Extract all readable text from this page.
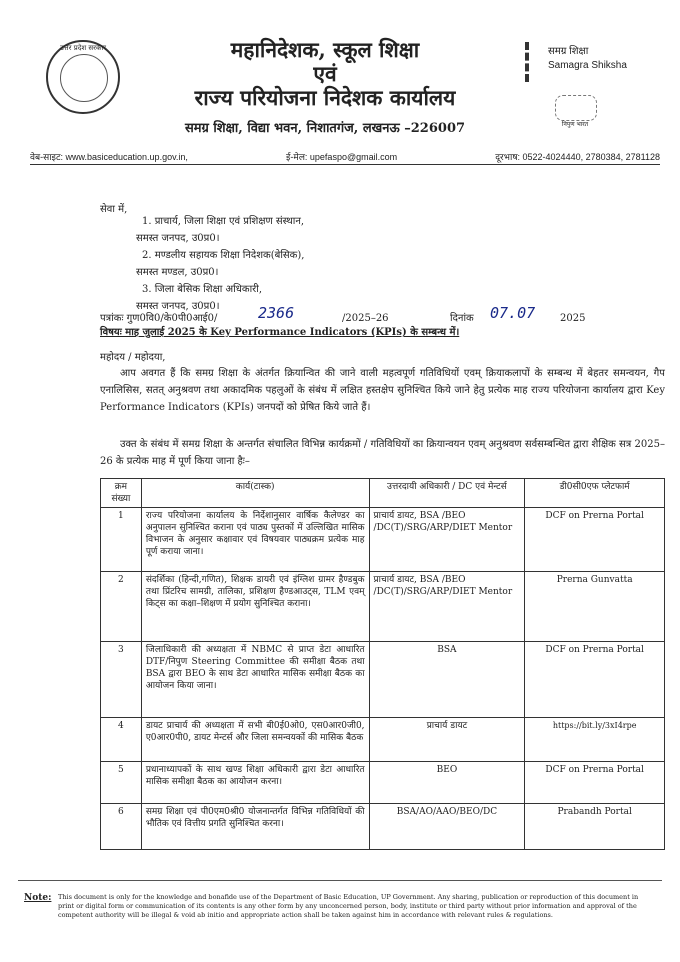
उत्तर प्रदेश सरकार	महानिदेशक, स्कूल शिक्षा
एवं
राज्य परियोजना निदेशक कार्यालय
समग्र शिक्षा, विद्या भवन, निशातगंज, लखनऊ –226007
समग्र शिक्षा
Samagra Shiksha
निपुण भारत
वेब-साइट: www.basiceducation.up.gov.in,	ई-मेल: upefaspo@gmail.com	दूरभाष: 0522-4024440, 2780384, 2781128
सेवा में,
1. प्राचार्य, जिला शिक्षा एवं प्रशिक्षण संस्थान,
समस्त जनपद, उ0प्र0।
2. मण्डलीय सहायक शिक्षा निदेशक(बेसिक),
समस्त मण्डल, उ0प्र0।
3. जिला बेसिक शिक्षा अधिकारी,
समस्त जनपद, उ0प्र0।
पत्रांकः गुण0वि0/के0पी0आई0/	2366	/2025–26	दिनांक 07.07 2025
विषयः माह जुलाई 2025 के Key Performance Indicators (KPIs) के सम्बन्ध में।
महोदय / महोदया,
आप अवगत हैं कि समग्र शिक्षा के अंतर्गत क्रियान्वित की जाने वाली महत्वपूर्ण गतिविधियों एवम् क्रियाकलापों के सम्बन्ध में बेहतर समन्वयन, गैप एनालिसिस, सतत् अनुश्रवण तथा अकादमिक पहलुओं के संबंध में लक्षित हस्तक्षेप सुनिश्चित किये जाने हेतु प्रत्येक माह राज्य परियोजना कार्यालय द्वारा Key Performance Indicators (KPIs) जनपदों को प्रेषित किये जाते हैं।
उक्त के संबंध में समग्र शिक्षा के अन्तर्गत संचालित विभिन्न कार्यक्रमों / गतिविधियों का क्रियान्वयन एवम् अनुश्रवण सर्वसम्बन्धित द्वारा शैक्षिक सत्र 2025–26 के प्रत्येक माह में पूर्ण किया जाना हैः–
क्रम संख्या	कार्य(टास्क)	उत्तरदायी अधिकारी / DC एवं मेन्टर्स	डी0सी0एफ प्लेटफार्म
1	राज्य परियोजना कार्यालय के निर्देशानुसार वार्षिक कैलेण्डर का अनुपालन सुनिश्चित कराना एवं पाठ्य पुस्तकों में उल्लिखित मासिक विभाजन के अनुसार कक्षावार एवं विषयवार पाठ्यक्रम प्रत्येक माह पूर्ण कराया जाना।	प्राचार्य डायट, BSA /BEO /DC(T)/SRG/ARP/DIET Mentor	DCF on Prerna Portal
2	संदर्शिका (हिन्दी,गणित), शिक्षक डायरी एवं इंग्लिश ग्रामर हैण्डबुक तथा प्रिंटरिच सामग्री, तालिका, प्रशिक्षण हैण्डआउट्स, TLM एवम् किट्स का कक्षा–शिक्षण में प्रयोग सुनिश्चित कराना।	प्राचार्य डायट, BSA /BEO /DC(T)/SRG/ARP/DIET Mentor	Prerna Gunvatta
3	जिलाधिकारी की अध्यक्षता में NBMC से प्राप्त डेटा आधारित DTF/निपुण Steering Committee की समीक्षा बैठक तथा BSA द्वारा BEO के साथ डेटा आधारित मासिक समीक्षा बैठक का आयोजन किया जाना।	BSA	DCF on Prerna Portal
4	डायट प्राचार्य की अध्यक्षता में सभी बी0ई0ओ0, एस0आर0जी0, ए0आर0पी0, डायट मेन्टर्स और जिला समन्वयकों की मासिक बैठक	प्राचार्य डायट	https://bit.ly/3xI4rpe
5	प्रधानाध्यापकों के साथ खण्ड शिक्षा अधिकारी द्वारा डेटा आधारित मासिक समीक्षा बैठक का आयोजन करना।	BEO	DCF on Prerna Portal
6	समग्र शिक्षा एवं पी0एम0श्री0 योजनान्तर्गत विभिन्न गतिविधियों की भौतिक एवं वित्तीय प्रगति सुनिश्चित करना।	BSA/AO/AAO/BEO/DC	Prabandh Portal
Note: This document is only for the knowledge and bonafide use of the Department of Basic Education, UP Government. Any sharing, publication or reproduction of this document in print or digital form or communication of its contents is any other form by any unconcerned person, body, institute or third party without prior information and approval of the competent authority will be illegal & void ab initio and appropriate action shall be taken against him in accordance with relevant rules & regulations.
